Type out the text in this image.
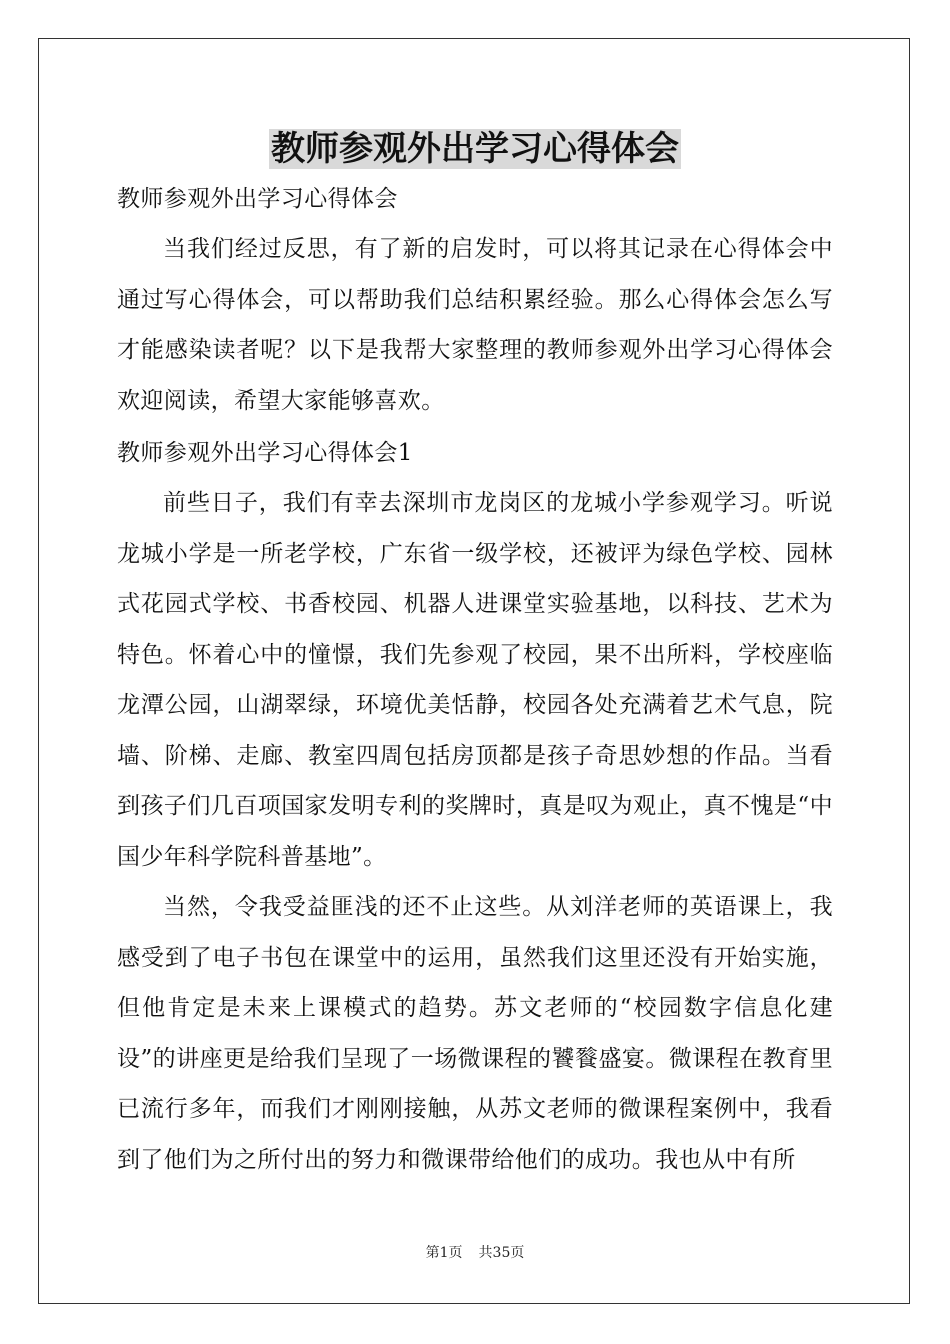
教师参观外出学习心得体会

教师参观外出学习心得体会

当我们经过反思，有了新的启发时，可以将其记录在心得体会中通过写心得体会，可以帮助我们总结积累经验。那么心得体会怎么写才能感染读者呢？以下是我帮大家整理的教师参观外出学习心得体会欢迎阅读，希望大家能够喜欢。

教师参观外出学习心得体会1

前些日子，我们有幸去深圳市龙岗区的龙城小学参观学习。听说龙城小学是一所老学校，广东省一级学校，还被评为绿色学校、园林式花园式学校、书香校园、机器人进课堂实验基地，以科技、艺术为特色。怀着心中的憧憬，我们先参观了校园，果不出所料，学校座临龙潭公园，山湖翠绿，环境优美恬静，校园各处充满着艺术气息，院墙、阶梯、走廊、教室四周包括房顶都是孩子奇思妙想的作品。当看到孩子们几百项国家发明专利的奖牌时，真是叹为观止，真不愧是“中国少年科学院科普基地”。

当然，令我受益匪浅的还不止这些。从刘洋老师的英语课上，我感受到了电子书包在课堂中的运用，虽然我们这里还没有开始实施，但他肯定是未来上课模式的趋势。苏文老师的“校园数字信息化建设”的讲座更是给我们呈现了一场微课程的饕餮盛宴。微课程在教育里已流行多年，而我们才刚刚接触，从苏文老师的微课程案例中，我看到了他们为之所付出的努力和微课带给他们的成功。我也从中有所

第1页 共35页
